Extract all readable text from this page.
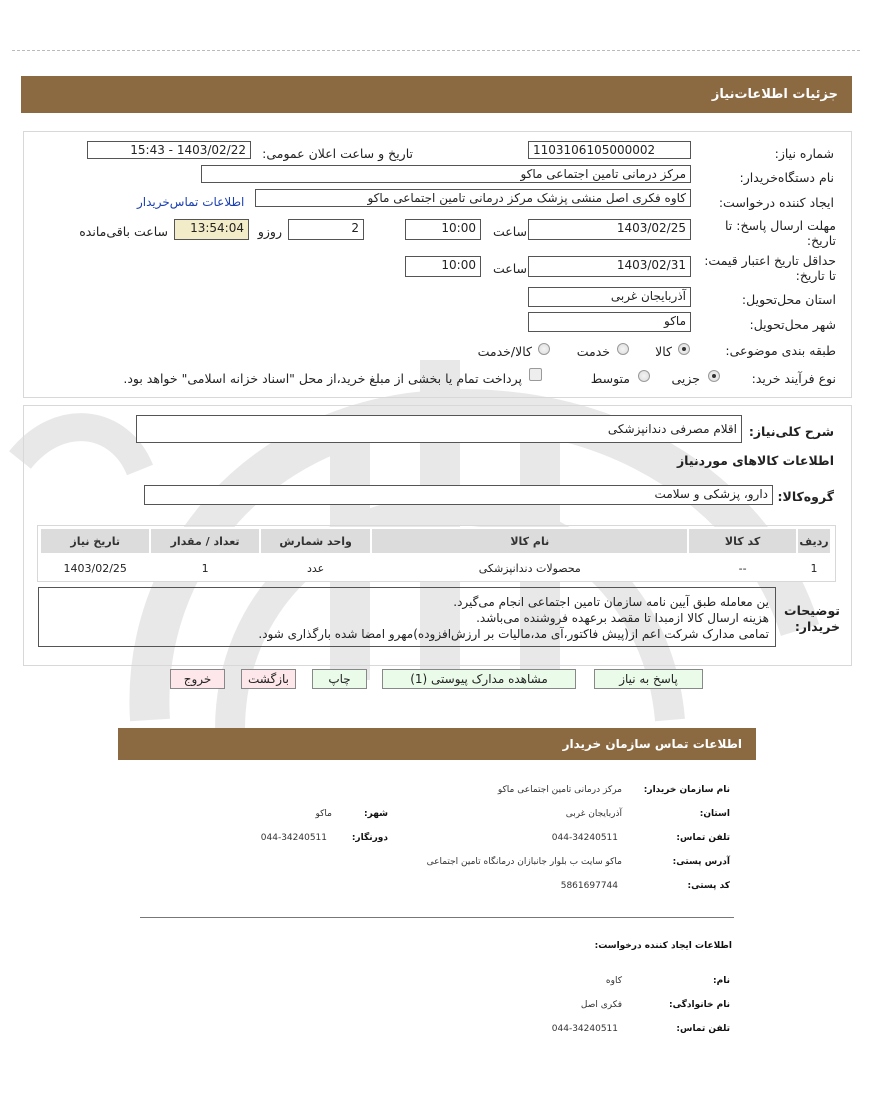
جزئیات اطلاعات‌نیاز
شماره نیاز:
1103106105000002
تاریخ و ساعت اعلان عمومی:
1403/02/22 - 15:43
نام دستگاه‌خریدار:
مرکز درمانی تامین اجتماعی ماکو
ایجاد کننده درخواست:
کاوه فکری اصل منشی پزشک مرکز درمانی تامین اجتماعی ماکو
اطلاعات تماس‌خریدار
مهلت ارسال پاسخ: تا تاریخ:
1403/02/25
ساعت
10:00
2
روزو
13:54:04
ساعت باقی‌مانده
حداقل تاریخ اعتبار قیمت: تا تاریخ:
1403/02/31
ساعت
10:00
استان محل‌تحویل:
آذربایجان غربی
شهر محل‌تحویل:
ماکو
طبقه بندی موضوعی:
کالا
خدمت
کالا/خدمت
نوع فرآیند خرید:
جزیی
متوسط
پرداخت تمام یا بخشی از مبلغ خرید،از محل "اسناد خزانه اسلامی" خواهد بود.
شرح کلی‌نیاز:
اقلام مصرفی دندانپزشکی
اطلاعات کالاهای مورد‌نیاز
گروه‌کالا:
دارو، پزشکی و سلامت
ردیف	کد کالا	نام کالا	واحد شمارش	تعداد / مقدار	تاریخ نیاز
1	--	محصولات دندانپزشکی	عدد	1	1403/02/25
توضیحات خریدار:
ین معامله طبق آیین نامه سازمان تامین اجتماعی انجام می‌گیرد.
هزینه ارسال کالا ازمبدا تا مقصد برعهده فروشنده می‌باشد.
تمامی مدارک شرکت اعم از(پیش فاکتور،آی مد،مالیات بر ارزش‌افزوده)مهرو امضا شده بارگذاری شود.
پاسخ به نیاز
مشاهده مدارک پیوستی (1)
چاپ
بازگشت
خروج
اطلاعات تماس سازمان خریدار
نام سازمان خریدار:
مرکز درمانی تامین اجتماعی ماکو
استان:
آذربایجان غربی
شهر:
ماکو
تلفن تماس:
044-34240511
دورنگار:
044-34240511
آدرس پستی:
ماکو سایت ب بلوار جانبازان درمانگاه تامین اجتماعی
کد پستی:
5861697744
اطلاعات ایجاد کننده درخواست:
نام:
کاوه
نام خانوادگی:
فکری اصل
تلفن تماس:
044-34240511
